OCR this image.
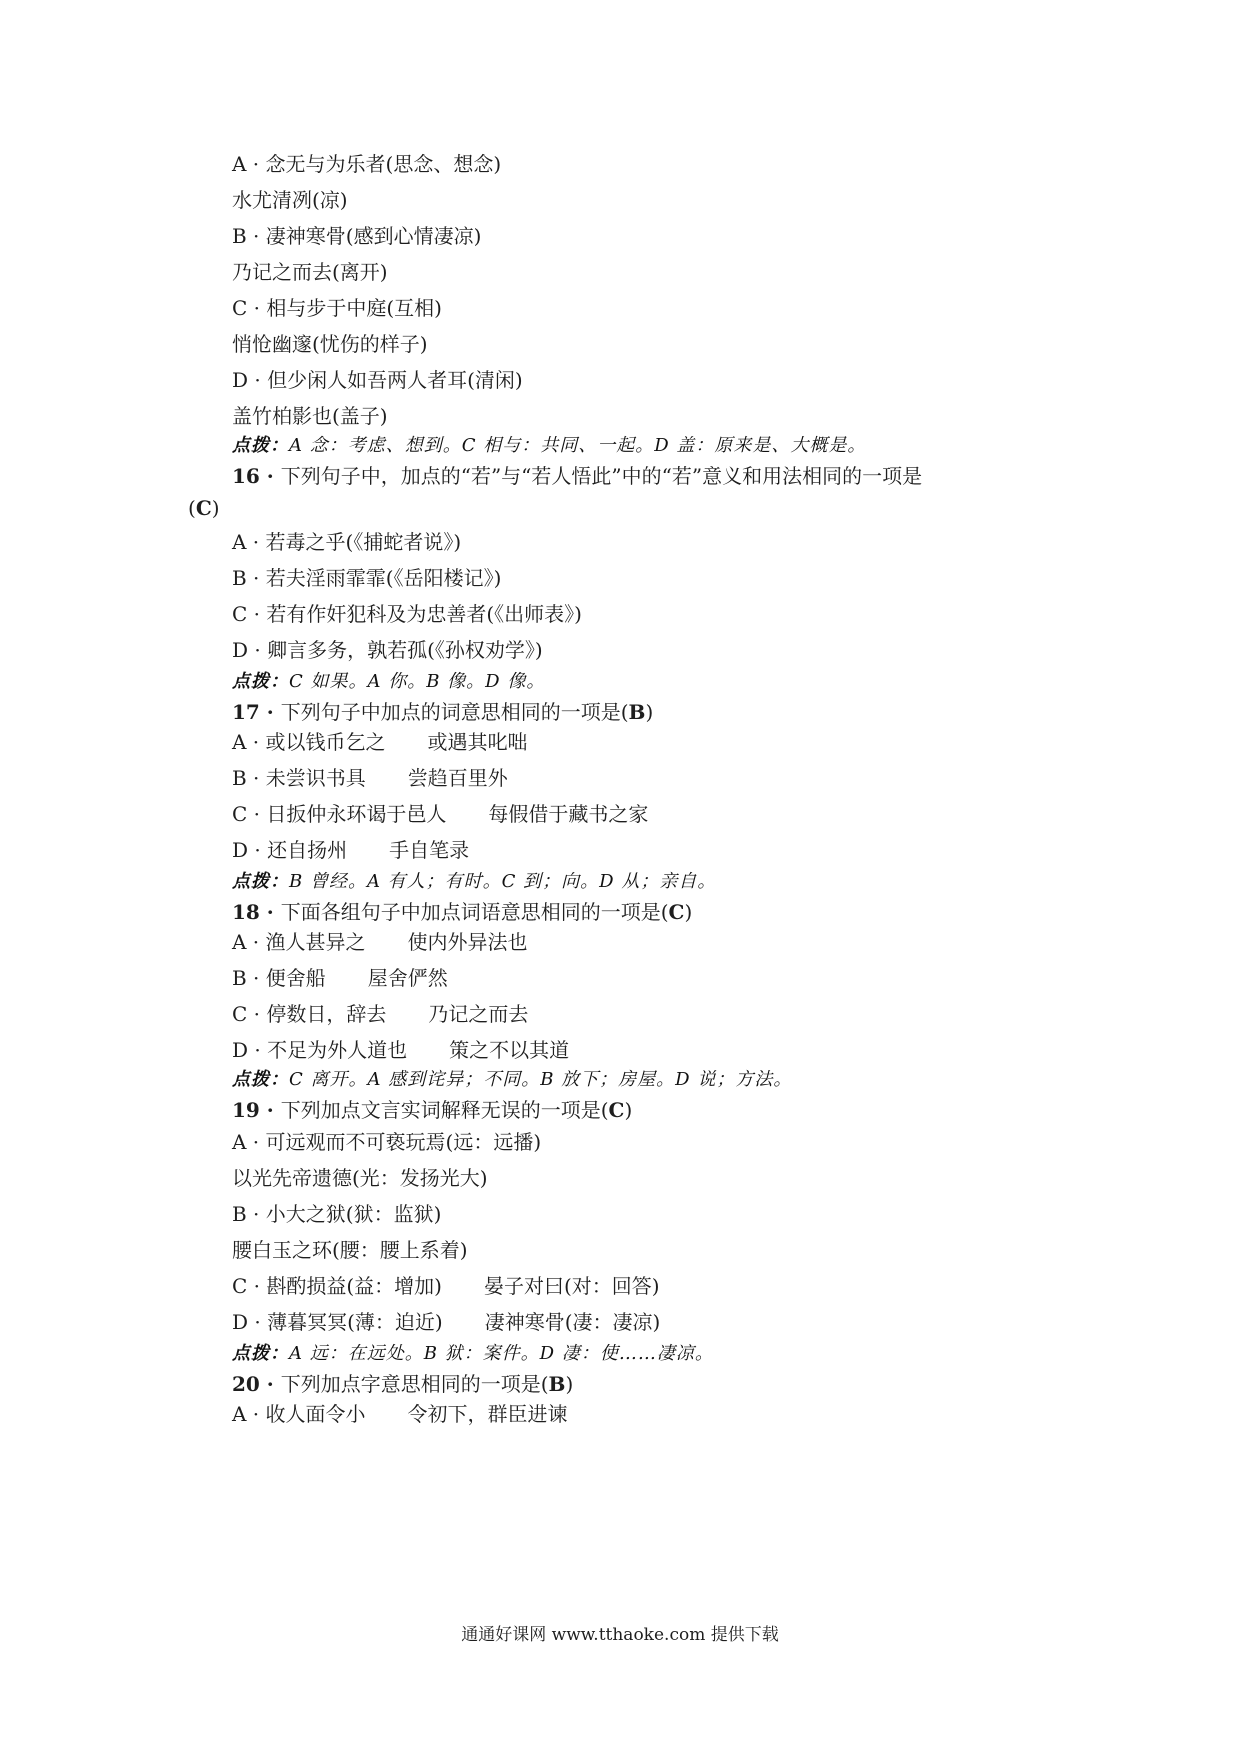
A · 念无与为乐者(思念、想念)
水尤清冽(凉)
B · 凄神寒骨(感到心情凄凉)
乃记之而去(离开)
C · 相与步于中庭(互相)
悄怆幽邃(忧伤的样子)
D · 但少闲人如吾两人者耳(清闲)
盖竹柏影也(盖子)
点拨：A 念：考虑、想到。C 相与：共同、一起。D 盖：原来是、大概是。
16 · 下列句子中，加点的“若”与“若人悟此”中的“若”意义和用法相同的一项是
(C)
A · 若毒之乎(《捕蛇者说》)
B · 若夫淫雨霏霏(《岳阳楼记》)
C · 若有作奸犯科及为忠善者(《出师表》)
D · 卿言多务，孰若孤(《孙权劝学》)
点拨：C 如果。A 你。B 像。D 像。
17 · 下列句子中加点的词意思相同的一项是(B)
A · 或以钱币乞之 或遇其叱咄
B · 未尝识书具 尝趋百里外
C · 日扳仲永环谒于邑人 每假借于藏书之家
D · 还自扬州 手自笔录
点拨：B 曾经。A 有人；有时。C 到；向。D 从；亲自。
18 · 下面各组句子中加点词语意思相同的一项是(C)
A · 渔人甚异之 使内外异法也
B · 便舍船 屋舍俨然
C · 停数日，辞去 乃记之而去
D · 不足为外人道也 策之不以其道
点拨：C 离开。A 感到诧异；不同。B 放下；房屋。D 说；方法。
19 · 下列加点文言实词解释无误的一项是(C)
A · 可远观而不可亵玩焉(远：远播)
以光先帝遗德(光：发扬光大)
B · 小大之狱(狱：监狱)
腰白玉之环(腰：腰上系着)
C · 斟酌损益(益：增加) 晏子对曰(对：回答)
D · 薄暮冥冥(薄：迫近) 凄神寒骨(凄：凄凉)
点拨：A 远：在远处。B 狱：案件。D 凄：使……凄凉。
20 · 下列加点字意思相同的一项是(B)
A · 收人面令小 令初下，群臣进谏
通通好课网 www.tthaoke.com 提供下载
